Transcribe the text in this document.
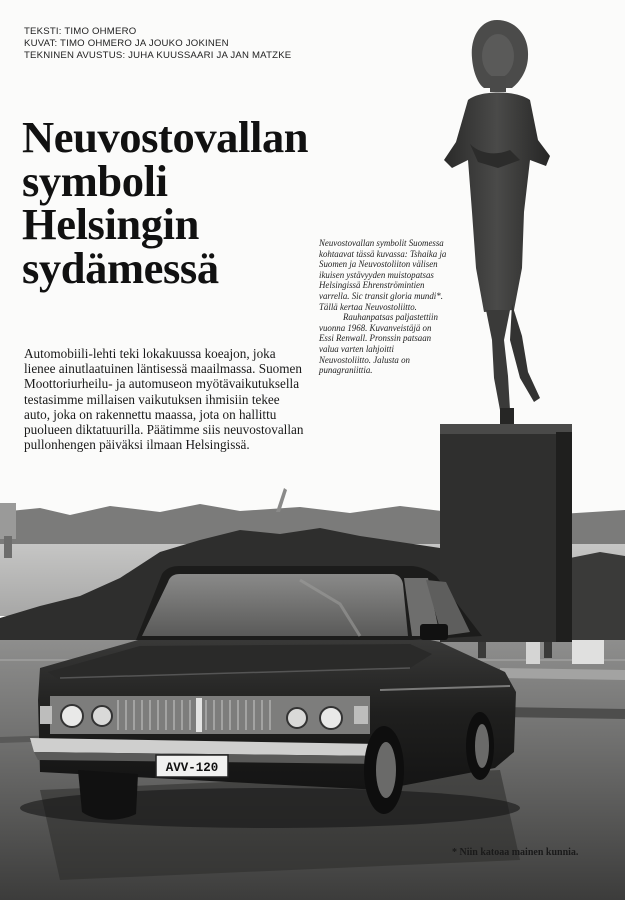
AVV-120
TEKSTI: TIMO OHMERO
KUVAT: TIMO OHMERO JA JOUKO JOKINEN
TEKNINEN AVUSTUS: JUHA KUUSSAARI JA JAN MATZKE
Neuvostovallan
symboli
Helsingin
sydämessä
Automobiili-lehti teki lokakuussa koeajon, joka lienee ainutlaatuinen läntisessä maailmassa. Suomen Moottoriurheilu- ja automuseon myötävaikutuksella testasimme millaisen vaikutuksen ihmisiin tekee auto, joka on rakennettu maassa, jota on hallittu puolueen diktatuurilla. Päätimme siis neuvostovallan pullonhengen päiväksi ilmaan Helsingissä.

Neuvostovallan symbolit Suomessa kohtaavat tässä kuvassa: Tshaika ja Suomen ja Neuvostoliiton välisen ikuisen ystävyyden muistopatsas Helsingissä Ehrenströmintien varrella. Sic transit gloria mundi*. Tällä kertaa Neuvostoliitto.

Rauhanpatsas paljastettiin vuonna 1968. Kuvanveistäjä on Essi Renwall. Pronssin patsaan valua varten lahjoitti Neuvostoliitto. Jalusta on punagraniittia.

* Niin katoaa mainen kunnia.
